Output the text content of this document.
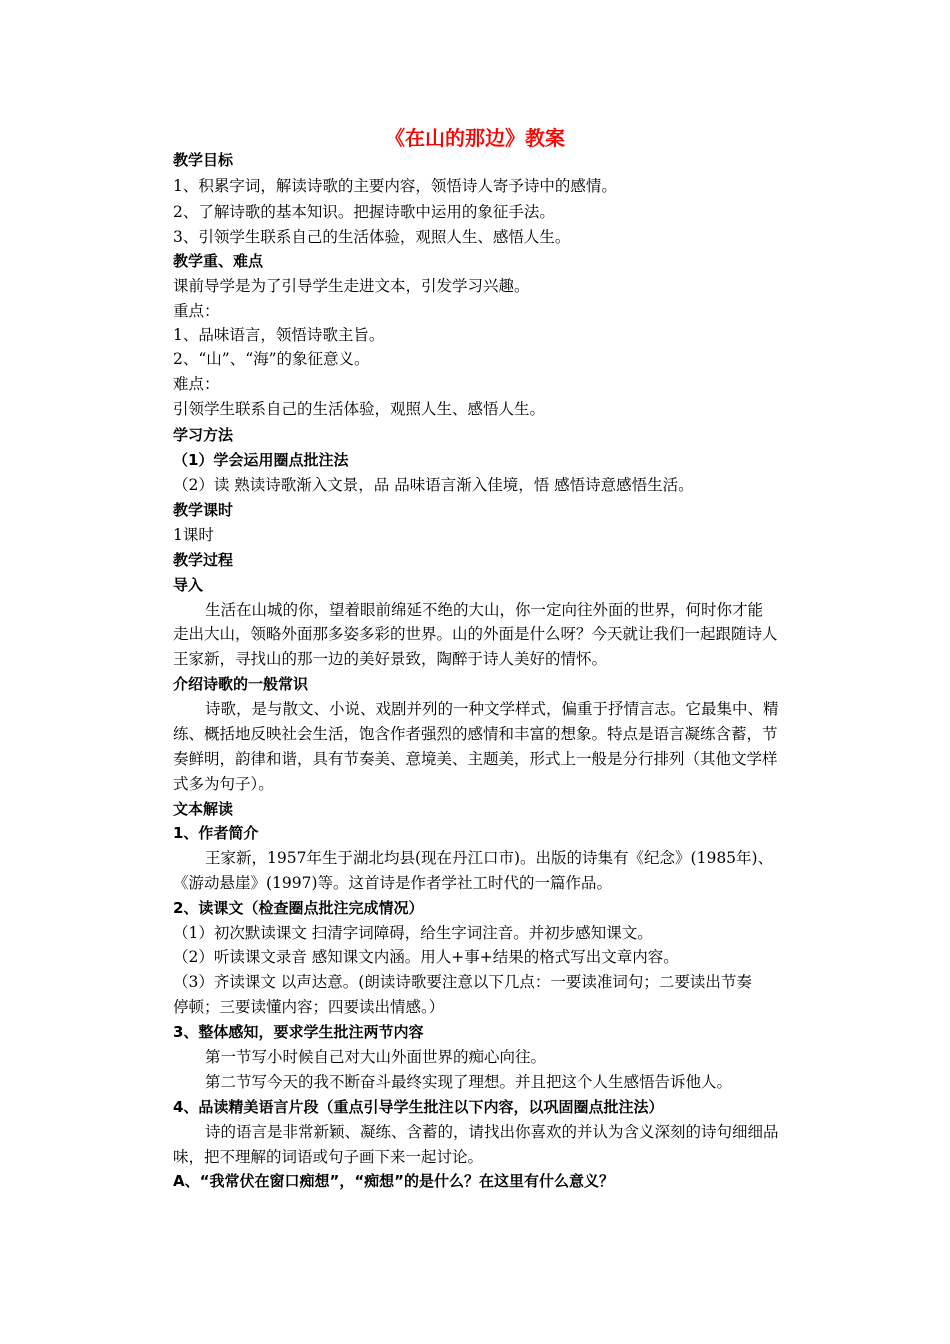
《在山的那边》教案
教学目标
1、积累字词，解读诗歌的主要内容，领悟诗人寄予诗中的感情。
2、了解诗歌的基本知识。把握诗歌中运用的象征手法。
3、引领学生联系自己的生活体验，观照人生、感悟人生。
教学重、难点
课前导学是为了引导学生走进文本，引发学习兴趣。
重点：
1、品味语言，领悟诗歌主旨。
2、“山”、“海”的象征意义。
难点：
引领学生联系自己的生活体验，观照人生、感悟人生。
学习方法
（1）学会运用圈点批注法
（2）读 熟读诗歌渐入文景，品 品味语言渐入佳境，悟 感悟诗意感悟生活。
教学课时
1课时
教学过程
导入
生活在山城的你，望着眼前绵延不绝的大山，你一定向往外面的世界，何时你才能
走出大山，领略外面那多姿多彩的世界。山的外面是什么呀？今天就让我们一起跟随诗人
王家新，寻找山的那一边的美好景致，陶醉于诗人美好的情怀。
介绍诗歌的一般常识
诗歌，是与散文、小说、戏剧并列的一种文学样式，偏重于抒情言志。它最集中、精
练、概括地反映社会生活，饱含作者强烈的感情和丰富的想象。特点是语言凝练含蓄，节
奏鲜明，韵律和谐，具有节奏美、意境美、主题美，形式上一般是分行排列（其他文学样
式多为句子）。
文本解读
1、作者简介
王家新，1957年生于湖北均县(现在丹江口市)。出版的诗集有《纪念》(1985年)、
《游动悬崖》(1997)等。这首诗是作者学社工时代的一篇作品。
2、读课文（检查圈点批注完成情况）
（1）初次默读课文 扫清字词障碍，给生字词注音。并初步感知课文。
（2）听读课文录音 感知课文内涵。用人+事+结果的格式写出文章内容。
（3）齐读课文 以声达意。(朗读诗歌要注意以下几点：一要读准词句；二要读出节奏
停顿；三要读懂内容；四要读出情感。）
3、整体感知，要求学生批注两节内容
第一节写小时候自己对大山外面世界的痴心向往。
第二节写今天的我不断奋斗最终实现了理想。并且把这个人生感悟告诉他人。
4、品读精美语言片段（重点引导学生批注以下内容，以巩固圈点批注法）
诗的语言是非常新颖、凝练、含蓄的，请找出你喜欢的并认为含义深刻的诗句细细品
味，把不理解的词语或句子画下来一起讨论。
A、“我常伏在窗口痴想”，“痴想”的是什么？在这里有什么意义？
